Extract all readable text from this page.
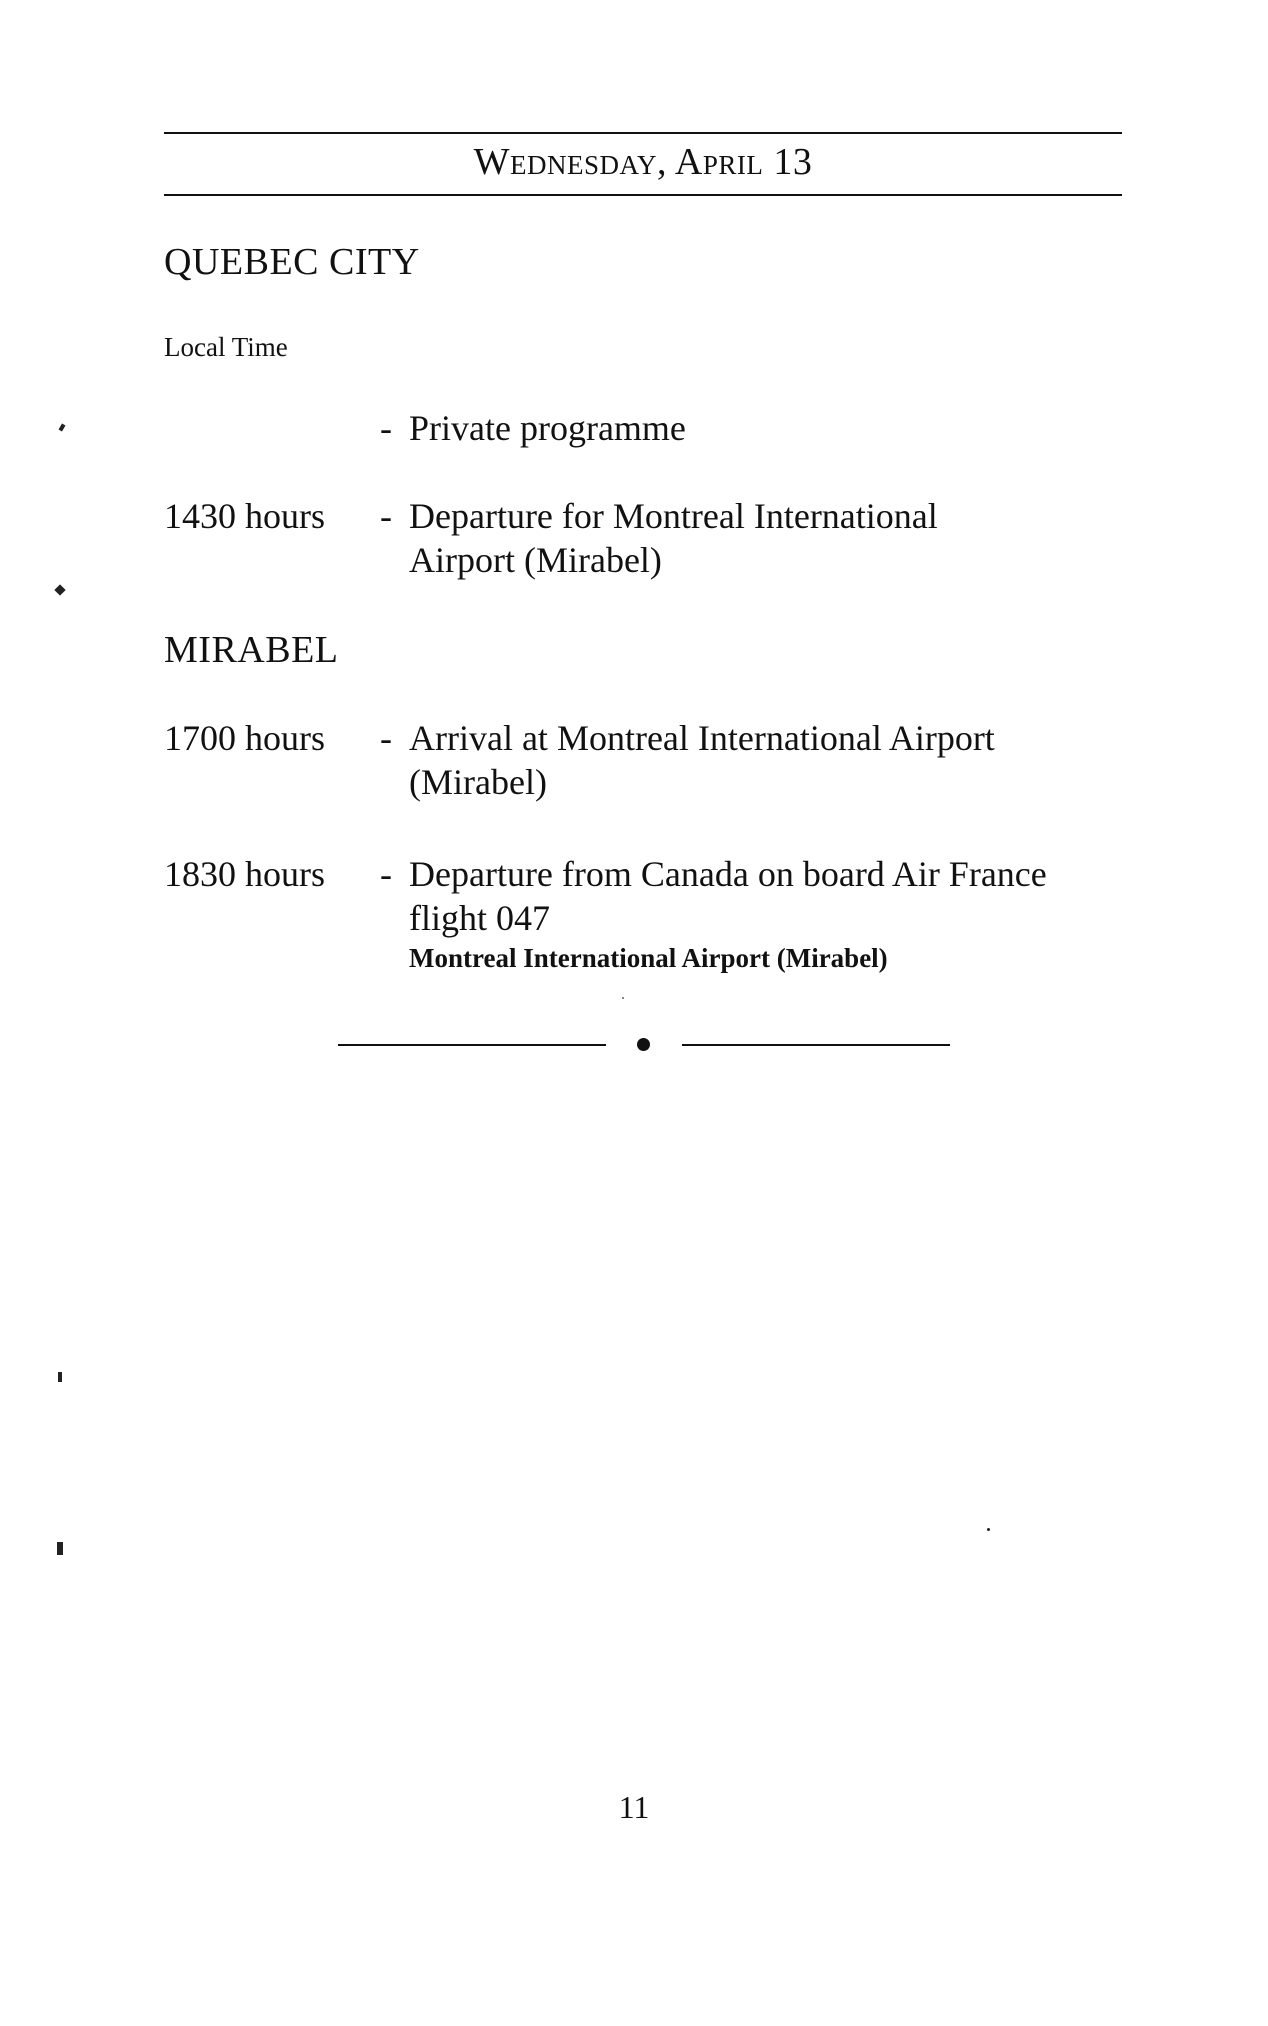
Wednesday, April 13
QUEBEC CITY
Local Time
- Private programme
1430 hours - Departure for Montreal International Airport (Mirabel)
MIRABEL
1700 hours - Arrival at Montreal International Airport (Mirabel)
1830 hours - Departure from Canada on board Air France flight 047
Montreal International Airport (Mirabel)
11
